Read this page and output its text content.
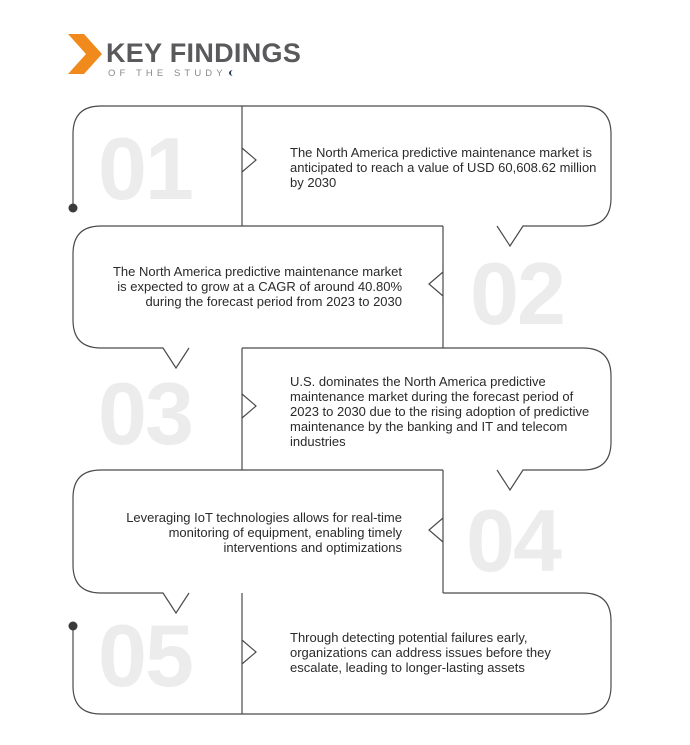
KEY FINDINGS
OF THE STUDY
01
02
03
04
05
The North America predictive maintenance market is anticipated to reach a value of USD 60,608.62 million by 2030
The North America predictive maintenance market is expected to grow at a CAGR of around 40.80% during the forecast period from 2023 to 2030
U.S. dominates the North America predictive maintenance market during the forecast period of 2023 to 2030 due to the rising adoption of predictive maintenance by the banking and IT and telecom industries
Leveraging IoT technologies allows for real-time monitoring of equipment, enabling timely interventions and optimizations
Through detecting potential failures early, organizations can address issues before they escalate, leading to longer-lasting assets
